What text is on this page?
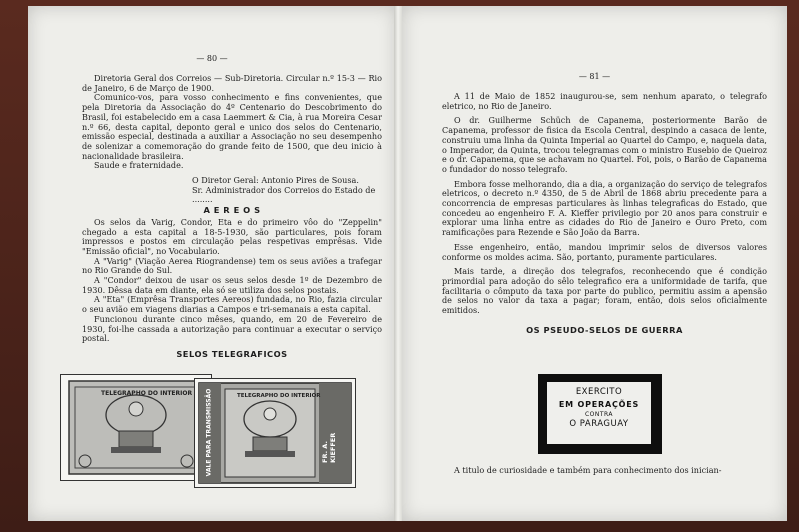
— 80 —

Diretoria Geral dos Correios — Sub-Diretoria. Circular n.º 15-3 — Rio de Janeiro, 6 de Março de 1900.

Comunico-vos, para vosso conhecimento e fins convenientes, que pela Diretoria da Associação do 4º Centenario do Descobrimento do Brasil, foi estabelecido em a casa Laemmert & Cia, à rua Moreira Cesar n.º 66, desta capital, deponto geral e unico dos selos do Centenario, emissão especial, destinada a auxiliar a Associação no seu desempenho de solenizar a comemoração do grande feito de 1500, que deu inicio à nacionalidade brasileira.

Saude e fraternidade.

O Diretor Geral: Antonio Pires de Sousa.

Sr. Administrador dos Correios do Estado de ........

A E R E O S

Os selos da Varig, Condor, Eta e do primeiro vôo do "Zeppelin" chegado a esta capital a 18-5-1930, são particulares, pois foram impressos e postos em circulação pelas respetivas emprêsas. Vide "Emissão oficial", no Vocabulario.

A "Varig" (Viação Aerea Riograndense) tem os seus aviões a trafegar no Rio Grande do Sul.

A "Condor" deixou de usar os seus selos desde 1º de Dezembro de 1930. Dêssa data em diante, ela só se utiliza dos selos postais.

A "Eta" (Emprêsa Transportes Aereos) fundada, no Rio, fazia circular o seu avião em viagens diarias a Campos e tri-semanais a esta capital.

Funcionou durante cinco mêses, quando, em 20 de Fevereiro de 1930, foi-lhe cassada a autorização para continuar a executar o serviço postal.

SELOS TELEGRAFICOS
TELEGRAPHO DO INTERIOR	TELEGRAPHO DO INTERIOR
VALE PARA TRANSMISSÃO	FR. A. KIEFFER
— 81 —

A 11 de Maio de 1852 inaugurou-se, sem nenhum aparato, o telegrafo eletrico, no Rio de Janeiro.

O dr. Guilherme Schüch de Capanema, posteriormente Barão de Capanema, professor de fisica da Escola Central, despindo a casaca de lente, construiu uma linha da Quinta Imperial ao Quartel do Campo, e, naquela data, o Imperador, da Quinta, trocou telegramas com o ministro Eusebio de Queiroz e o dr. Capanema, que se achavam no Quartel. Foi, pois, o Barão de Capanema o fundador do nosso telegrafo.

Embora fosse melhorando, dia a dia, a organização do serviço de telegrafos eletricos, o decreto n.º 4350, de 5 de Abril de 1868 abriu precedente para a concorrencia de empresas particulares às linhas telegraficas do Estado, que concedeu ao engenheiro F. A. Kieffer privilegio por 20 anos para construir e explorar uma linha entre as cidades do Rio de Janeiro e Ouro Preto, com ramificações para Rezende e São João da Barra.

Esse engenheiro, então, mandou imprimir selos de diversos valores conforme os moldes acima. São, portanto, puramente particulares.

Mais tarde, a direção dos telegrafos, reconhecendo que é condição primordial para adoção do sêlo telegrafico era a uniformidade de tarifa, que facilitaria o cômputo da taxa por parte do publico, permitiu assim a apensão de selos no valor da taxa a pagar; foram, então, dois selos oficialmente emitidos.

OS PSEUDO-SELOS DE GUERRA
EXERCITO
EM OPERAÇÕES
CONTRA
O PARAGUAY

A titulo de curiosidade e também para conhecimento dos inician-
